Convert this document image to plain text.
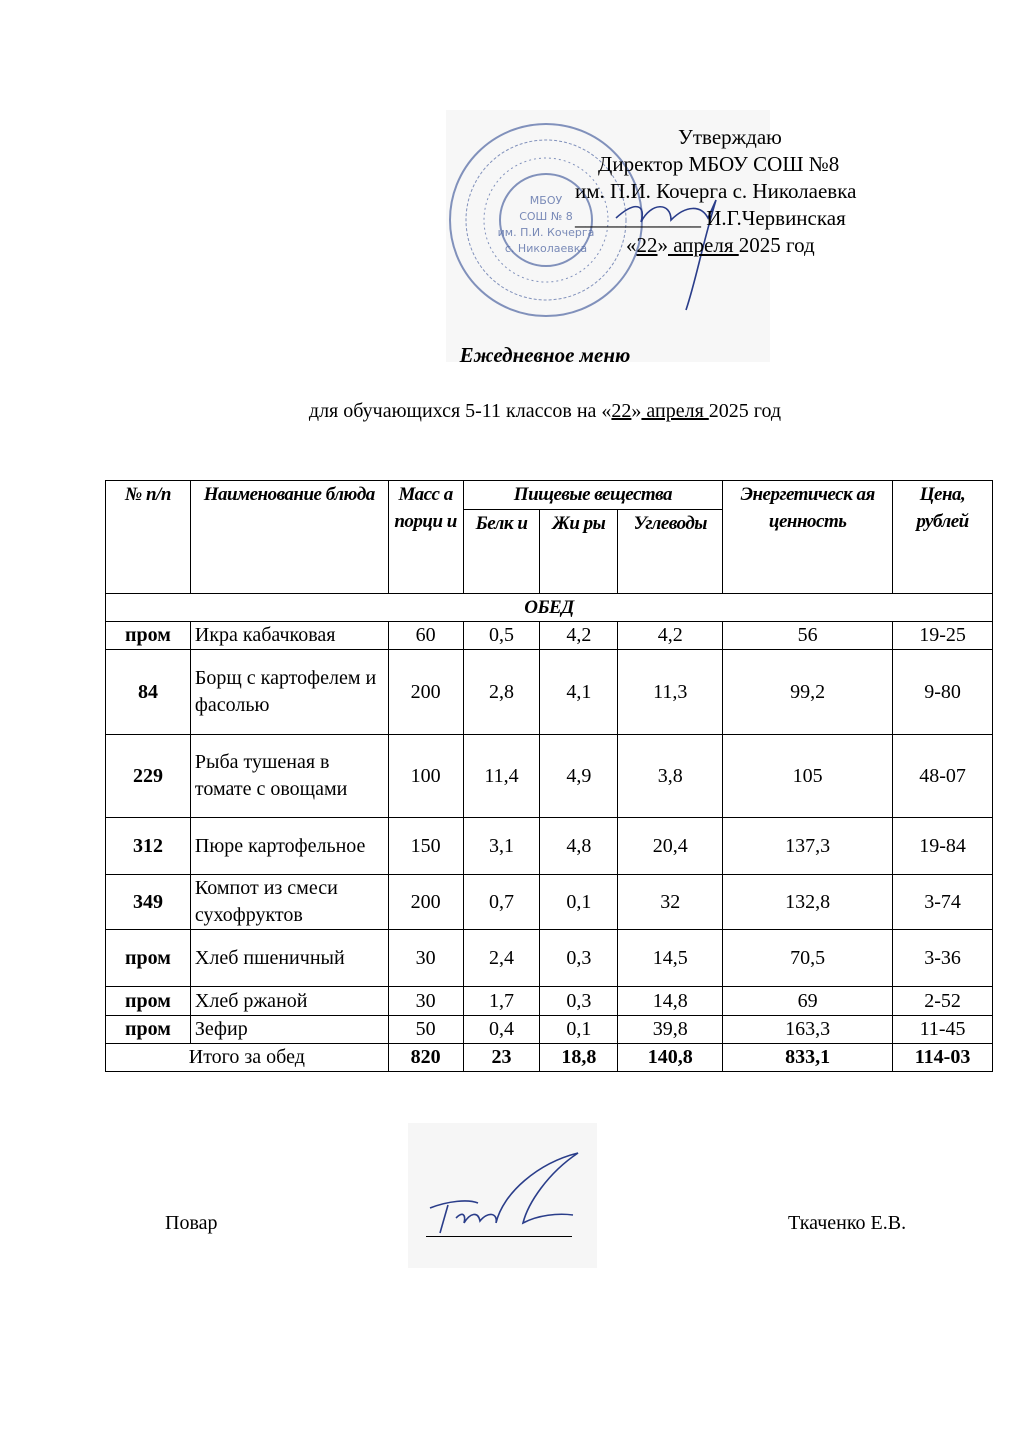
МБОУ
СОШ № 8
им. П.И. Кочерга
с. Николаевка
Утверждаю
Директор МБОУ СОШ №8
им. П.И. Кочерга с. Николаевка
____________ И.Г.Червинская
«22» апреля 2025 год
Ежедневное меню
для обучающихся 5-11 классов на «22» апреля 2025 год
№ п/п	Наименование блюда	Масс а порци и	Пищевые вещества			Энергетическ ая ценность	Цена, рублей
			Белк и	Жи ры	Углеводы		
ОБЕД							
пром	Икра кабачковая	60	0,5	4,2	4,2	56	19-25
84	Борщ с картофелем и фасолью	200	2,8	4,1	11,3	99,2	9-80
229	Рыба тушеная в томате с овощами	100	11,4	4,9	3,8	105	48-07
312	Пюре картофельное	150	3,1	4,8	20,4	137,3	19-84
349	Компот из смеси сухофруктов	200	0,7	0,1	32	132,8	3-74
пром	Хлеб пшеничный	30	2,4	0,3	14,5	70,5	3-36
пром	Хлеб ржаной	30	1,7	0,3	14,8	69	2-52
пром	Зефир	50	0,4	0,1	39,8	163,3	11-45
Итого за обед		820	23	18,8	140,8	833,1	114-03
Повар	Ткаченко Е.В.
